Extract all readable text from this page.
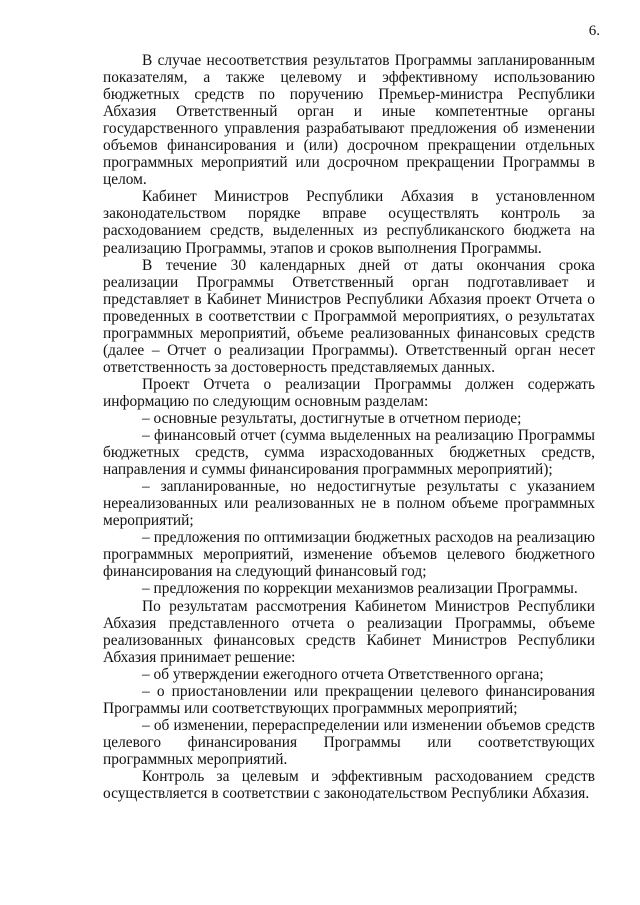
6.

В случае несоответствия результатов Программы запланированным показателям, а также целевому и эффективному использованию бюджетных средств по поручению Премьер-министра Республики Абхазия Ответственный орган и иные компетентные органы государственного управления разрабатывают предложения об изменении объемов финансирования и (или) досрочном прекращении отдельных программных мероприятий или досрочном прекращении Программы в целом.

Кабинет Министров Республики Абхазия в установленном законодательством порядке вправе осуществлять контроль за расходованием средств, выделенных из республиканского бюджета на реализацию Программы, этапов и сроков выполнения Программы.

В течение 30 календарных дней от даты окончания срока реализации Программы Ответственный орган подготавливает и представляет в Кабинет Министров Республики Абхазия проект Отчета о проведенных в соответствии с Программой мероприятиях, о результатах программных мероприятий, объеме реализованных финансовых средств (далее – Отчет о реализации Программы). Ответственный орган несет ответственность за достоверность представляемых данных.

Проект Отчета о реализации Программы должен содержать информацию по следующим основным разделам:

– основные результаты, достигнутые в отчетном периоде;

– финансовый отчет (сумма выделенных на реализацию Программы бюджетных средств, сумма израсходованных бюджетных средств, направления и суммы финансирования программных мероприятий);

– запланированные, но недостигнутые результаты с указанием нереализованных или реализованных не в полном объеме программных мероприятий;

– предложения по оптимизации бюджетных расходов на реализацию программных мероприятий, изменение объемов целевого бюджетного финансирования на следующий финансовый год;

– предложения по коррекции механизмов реализации Программы.

По результатам рассмотрения Кабинетом Министров Республики Абхазия представленного отчета о реализации Программы, объеме реализованных финансовых средств Кабинет Министров Республики Абхазия принимает решение:

– об утверждении ежегодного отчета Ответственного органа;

– о приостановлении или прекращении целевого финансирования Программы или соответствующих программных мероприятий;

– об изменении, перераспределении или изменении объемов средств целевого финансирования Программы или соответствующих программных мероприятий.

Контроль за целевым и эффективным расходованием средств осуществляется в соответствии с законодательством Республики Абхазия.
